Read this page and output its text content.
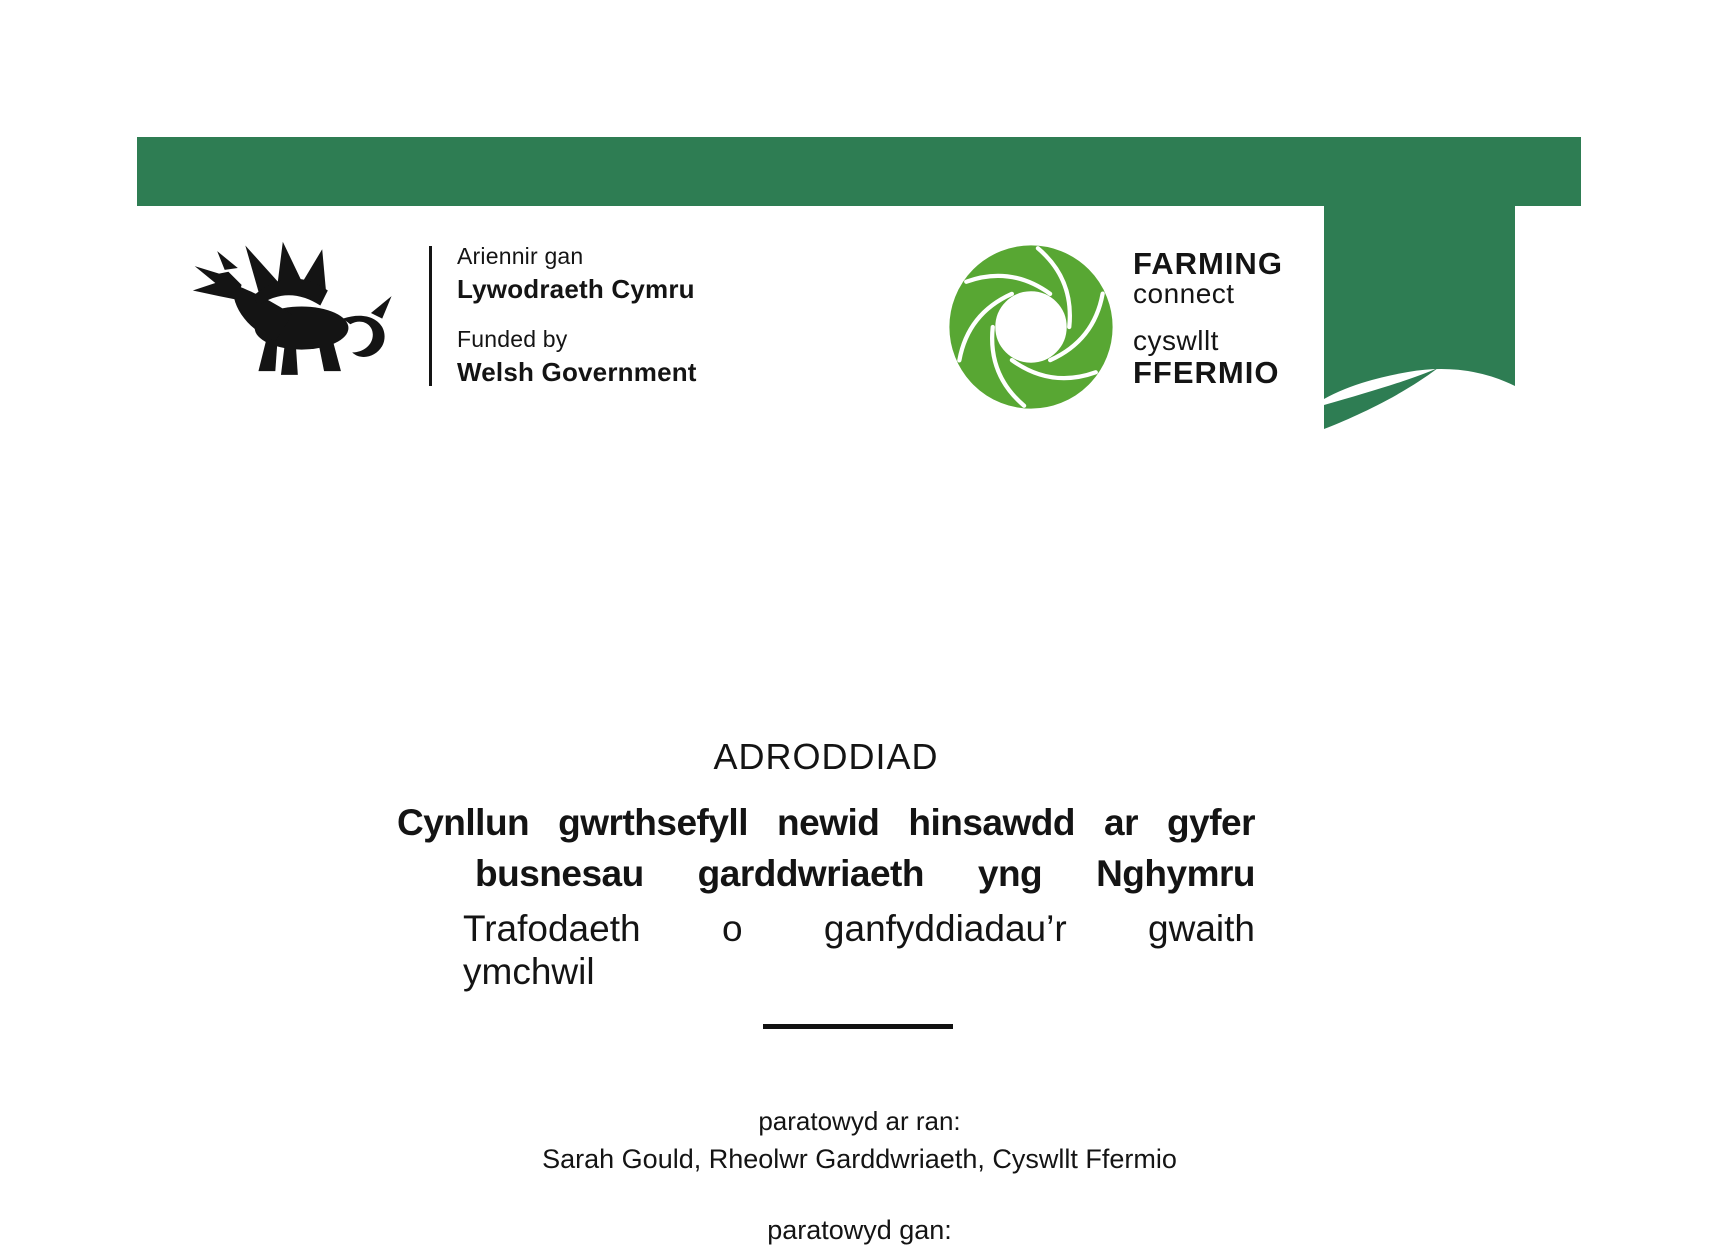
Ariennir gan
Lywodraeth Cymru
Funded by
Welsh Government
FARMING
connect
cyswllt
FFERMIO
ADRODDIAD
Cynllun gwrthsefyll newid hinsawdd ar gyfer
busnesau garddwriaeth yng Nghymru
Trafodaeth o ganfyddiadau’r gwaith
ymchwil
paratowyd ar ran:
Sarah Gould, Rheolwr Garddwriaeth, Cyswllt Ffermio
paratowyd gan:
